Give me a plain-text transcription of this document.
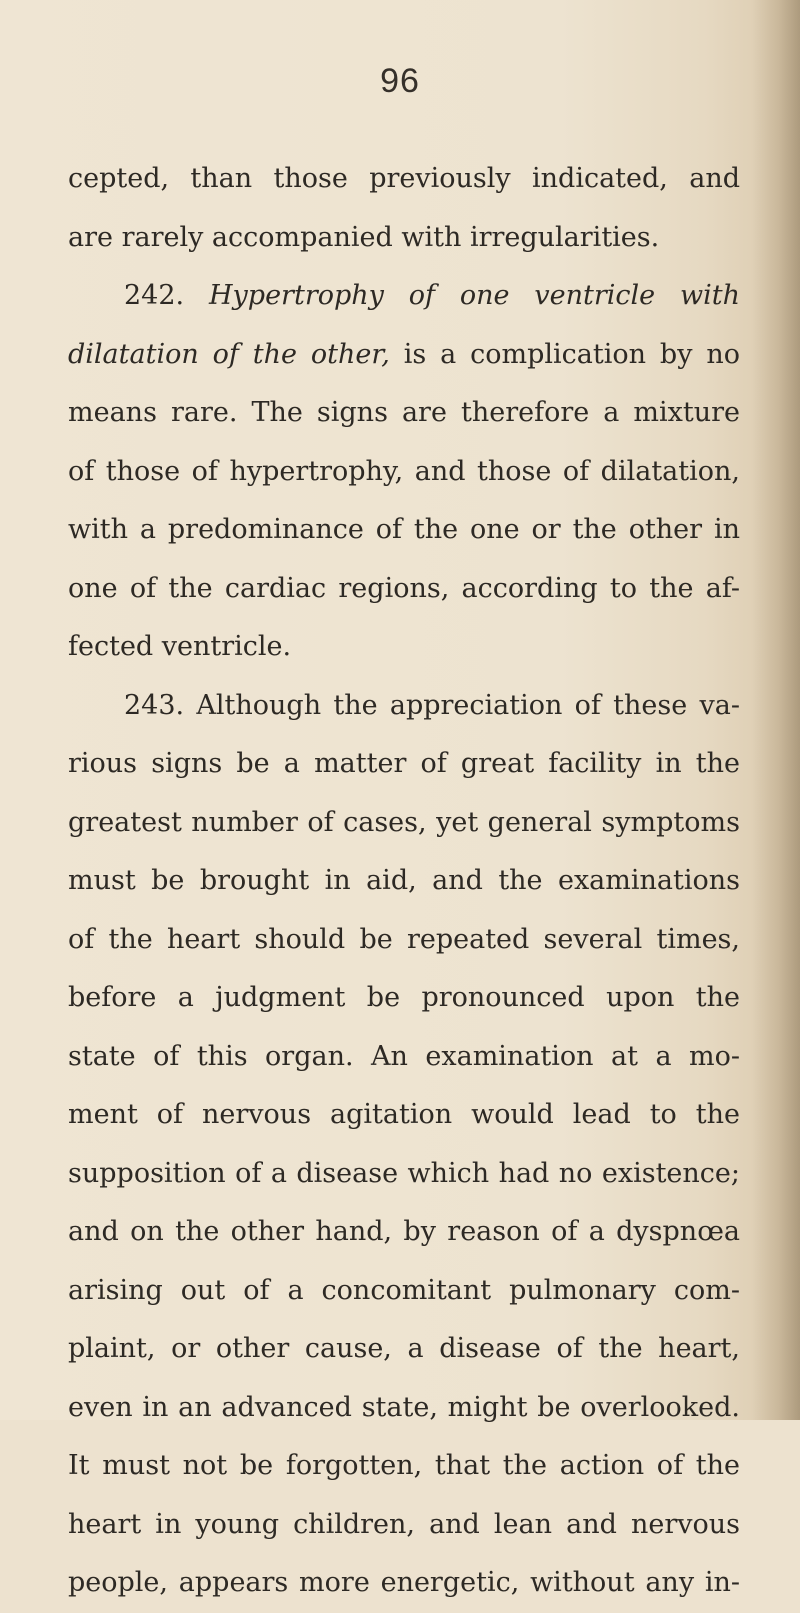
96
cepted, than those previously indicated, and
are rarely accompanied with irregularities.
242. Hypertrophy of one ventricle with
dilatation of the other, is a complication by no
means rare. The signs are therefore a mixture
of those of hypertrophy, and those of dilatation,
with a predominance of the one or the other in
one of the cardiac regions, according to the af-
fected ventricle.
243. Although the appreciation of these va-
rious signs be a matter of great facility in the
greatest number of cases, yet general symptoms
must be brought in aid, and the examinations
of the heart should be repeated several times,
before a judgment be pronounced upon the
state of this organ. An examination at a mo-
ment of nervous agitation would lead to the
supposition of a disease which had no existence;
and on the other hand, by reason of a dyspnœa
arising out of a concomitant pulmonary com-
plaint, or other cause, a disease of the heart,
even in an advanced state, might be overlooked.
It must not be forgotten, that the action of the
heart in young children, and lean and nervous
people, appears more energetic, without any in-
